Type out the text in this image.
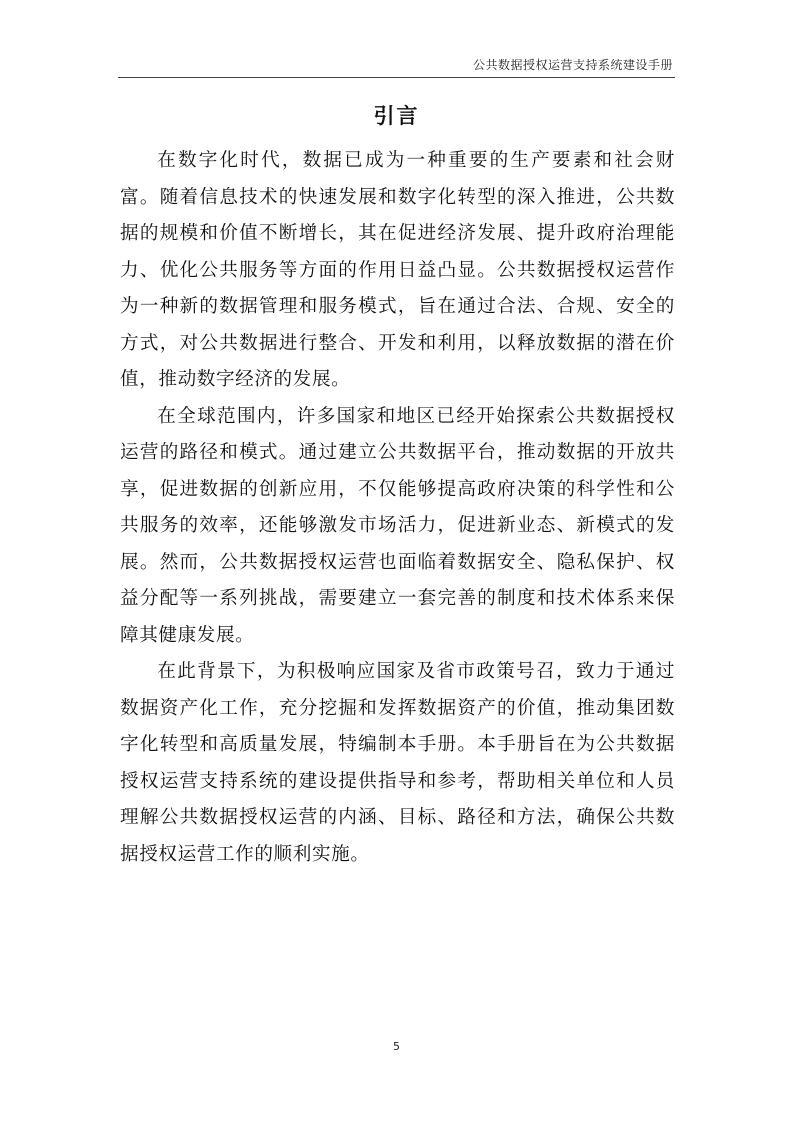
公共数据授权运营支持系统建设手册
引言

在数字化时代，数据已成为一种重要的生产要素和社会财富。随着信息技术的快速发展和数字化转型的深入推进，公共数据的规模和价值不断增长，其在促进经济发展、提升政府治理能力、优化公共服务等方面的作用日益凸显。公共数据授权运营作为一种新的数据管理和服务模式，旨在通过合法、合规、安全的方式，对公共数据进行整合、开发和利用，以释放数据的潜在价值，推动数字经济的发展。

在全球范围内，许多国家和地区已经开始探索公共数据授权运营的路径和模式。通过建立公共数据平台，推动数据的开放共享，促进数据的创新应用，不仅能够提高政府决策的科学性和公共服务的效率，还能够激发市场活力，促进新业态、新模式的发展。然而，公共数据授权运营也面临着数据安全、隐私保护、权益分配等一系列挑战，需要建立一套完善的制度和技术体系来保障其健康发展。

在此背景下，为积极响应国家及省市政策号召，致力于通过数据资产化工作，充分挖掘和发挥数据资产的价值，推动集团数字化转型和高质量发展，特编制本手册。本手册旨在为公共数据授权运营支持系统的建设提供指导和参考，帮助相关单位和人员理解公共数据授权运营的内涵、目标、路径和方法，确保公共数据授权运营工作的顺利实施。

5
